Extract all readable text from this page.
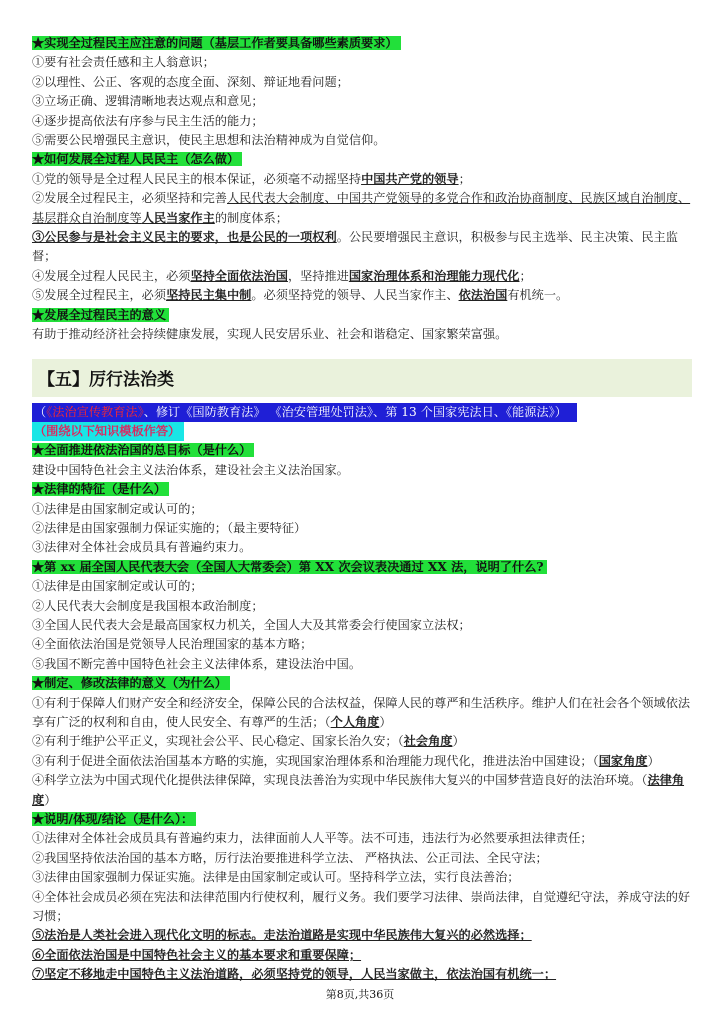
★实现全过程民主应注意的问题（基层工作者要具备哪些素质要求）
①要有社会责任感和主人翁意识；
②以理性、公正、客观的态度全面、深刻、辩证地看问题；
③立场正确、逻辑清晰地表达观点和意见；
④逐步提高依法有序参与民主生活的能力；
⑤需要公民增强民主意识，使民主思想和法治精神成为自觉信仰。
★如何发展全过程人民民主（怎么做）
①党的领导是全过程人民民主的根本保证，必须毫不动摇坚持中国共产党的领导；
②发展全过程民主，必须坚持和完善人民代表大会制度、中国共产党领导的多党合作和政治协商制度、民族区域自治制度、基层群众自治制度等人民当家作主的制度体系；
③公民参与是社会主义民主的要求，也是公民的一项权利。公民要增强民主意识，积极参与民主选举、民主决策、民主监督；
④发展全过程人民民主，必须坚持全面依法治国，坚持推进国家治理体系和治理能力现代化；
⑤发展全过程民主，必须坚持民主集中制。必须坚持党的领导、人民当家作主、依法治国有机统一。
★发展全过程民主的意义
有助于推动经济社会持续健康发展，实现人民安居乐业、社会和谐稳定、国家繁荣富强。
【五】厉行法治类
（《法治宣传教育法》、修订《国防教育法》 《治安管理处罚法》、第 13 个国家宪法日、《能源法》）
（围绕以下知识模板作答）
★全面推进依法治国的总目标（是什么）
建设中国特色社会主义法治体系，建设社会主义法治国家。
★法律的特征（是什么）
①法律是由国家制定或认可的；
②法律是由国家强制力保证实施的；（最主要特征）
③法律对全体社会成员具有普遍约束力。
★第 xx 届全国人民代表大会（全国人大常委会）第 XX 次会议表决通过 XX 法，说明了什么?
①法律是由国家制定或认可的；
②人民代表大会制度是我国根本政治制度；
③全国人民代表大会是最高国家权力机关，全国人大及其常委会行使国家立法权；
④全面依法治国是党领导人民治理国家的基本方略；
⑤我国不断完善中国特色社会主义法律体系，建设法治中国。
★制定、修改法律的意义（为什么）
①有利于保障人们财产安全和经济安全，保障公民的合法权益，保障人民的尊严和生活秩序。维护人们在社会各个领域依法享有广泛的权利和自由，使人民安全、有尊严的生活；（个人角度）
②有利于维护公平正义，实现社会公平、民心稳定、国家长治久安；（社会角度）
③有利于促进全面依法治国基本方略的实施，实现国家治理体系和治理能力现代化，推进法治中国建设；（国家角度）
④科学立法为中国式现代化提供法律保障，实现良法善治为实现中华民族伟大复兴的中国梦营造良好的法治环境。（法律角度）
★说明/体现/结论（是什么）：
①法律对全体社会成员具有普遍约束力，法律面前人人平等。法不可违，违法行为必然要承担法律责任；
②我国坚持依法治国的基本方略，厉行法治要推进科学立法、 严格执法、公正司法、全民守法；
③法律由国家强制力保证实施。法律是由国家制定或认可。坚持科学立法，实行良法善治；
④全体社会成员必须在宪法和法律范围内行使权利，履行义务。我们要学习法律、崇尚法律，自觉遵纪守法，养成守法的好习惯；
⑤法治是人类社会进入现代化文明的标志。走法治道路是实现中华民族伟大复兴的必然选择；
⑥全面依法治国是中国特色社会主义的基本要求和重要保障；
⑦坚定不移地走中国特色主义法治道路，必须坚持党的领导，人民当家做主，依法治国有机统一；
第8页,共36页
